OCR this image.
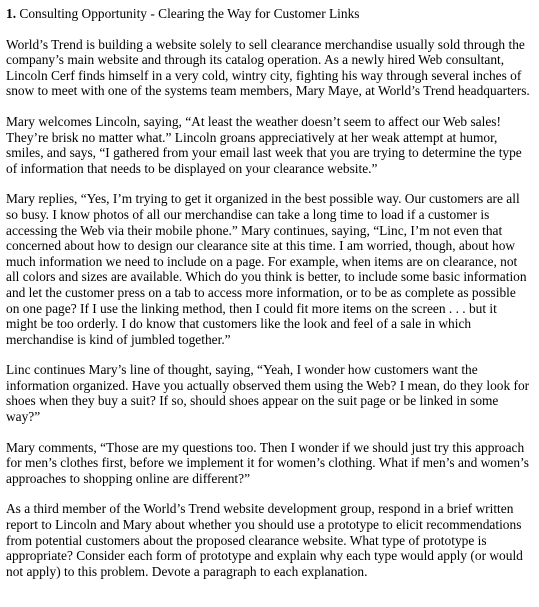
1. Consulting Opportunity - Clearing the Way for Customer Links

World’s Trend is building a website solely to sell clearance merchandise usually sold through the company’s main website and through its catalog operation. As a newly hired Web consultant, Lincoln Cerf finds himself in a very cold, wintry city, fighting his way through several inches of snow to meet with one of the systems team members, Mary Maye, at World’s Trend headquarters.

Mary welcomes Lincoln, saying, “At least the weather doesn’t seem to affect our Web sales! They’re brisk no matter what.” Lincoln groans appreciatively at her weak attempt at humor, smiles, and says, “I gathered from your email last week that you are trying to determine the type of information that needs to be displayed on your clearance website.”

Mary replies, “Yes, I’m trying to get it organized in the best possible way. Our customers are all so busy. I know photos of all our merchandise can take a long time to load if a customer is accessing the Web via their mobile phone.” Mary continues, saying, “Linc, I’m not even that concerned about how to design our clearance site at this time. I am worried, though, about how much information we need to include on a page. For example, when items are on clearance, not all colors and sizes are available. Which do you think is better, to include some basic information and let the customer press on a tab to access more information, or to be as complete as possible on one page? If I use the linking method, then I could fit more items on the screen . . . but it might be too orderly. I do know that customers like the look and feel of a sale in which merchandise is kind of jumbled together.”

Linc continues Mary’s line of thought, saying, “Yeah, I wonder how customers want the information organized. Have you actually observed them using the Web? I mean, do they look for shoes when they buy a suit? If so, should shoes appear on the suit page or be linked in some way?”

Mary comments, “Those are my questions too. Then I wonder if we should just try this approach for men’s clothes first, before we implement it for women’s clothing. What if men’s and women’s approaches to shopping online are different?”

As a third member of the World’s Trend website development group, respond in a brief written report to Lincoln and Mary about whether you should use a prototype to elicit recommendations from potential customers about the proposed clearance website. What type of prototype is appropriate? Consider each form of prototype and explain why each type would apply (or would not apply) to this problem. Devote a paragraph to each explanation.
